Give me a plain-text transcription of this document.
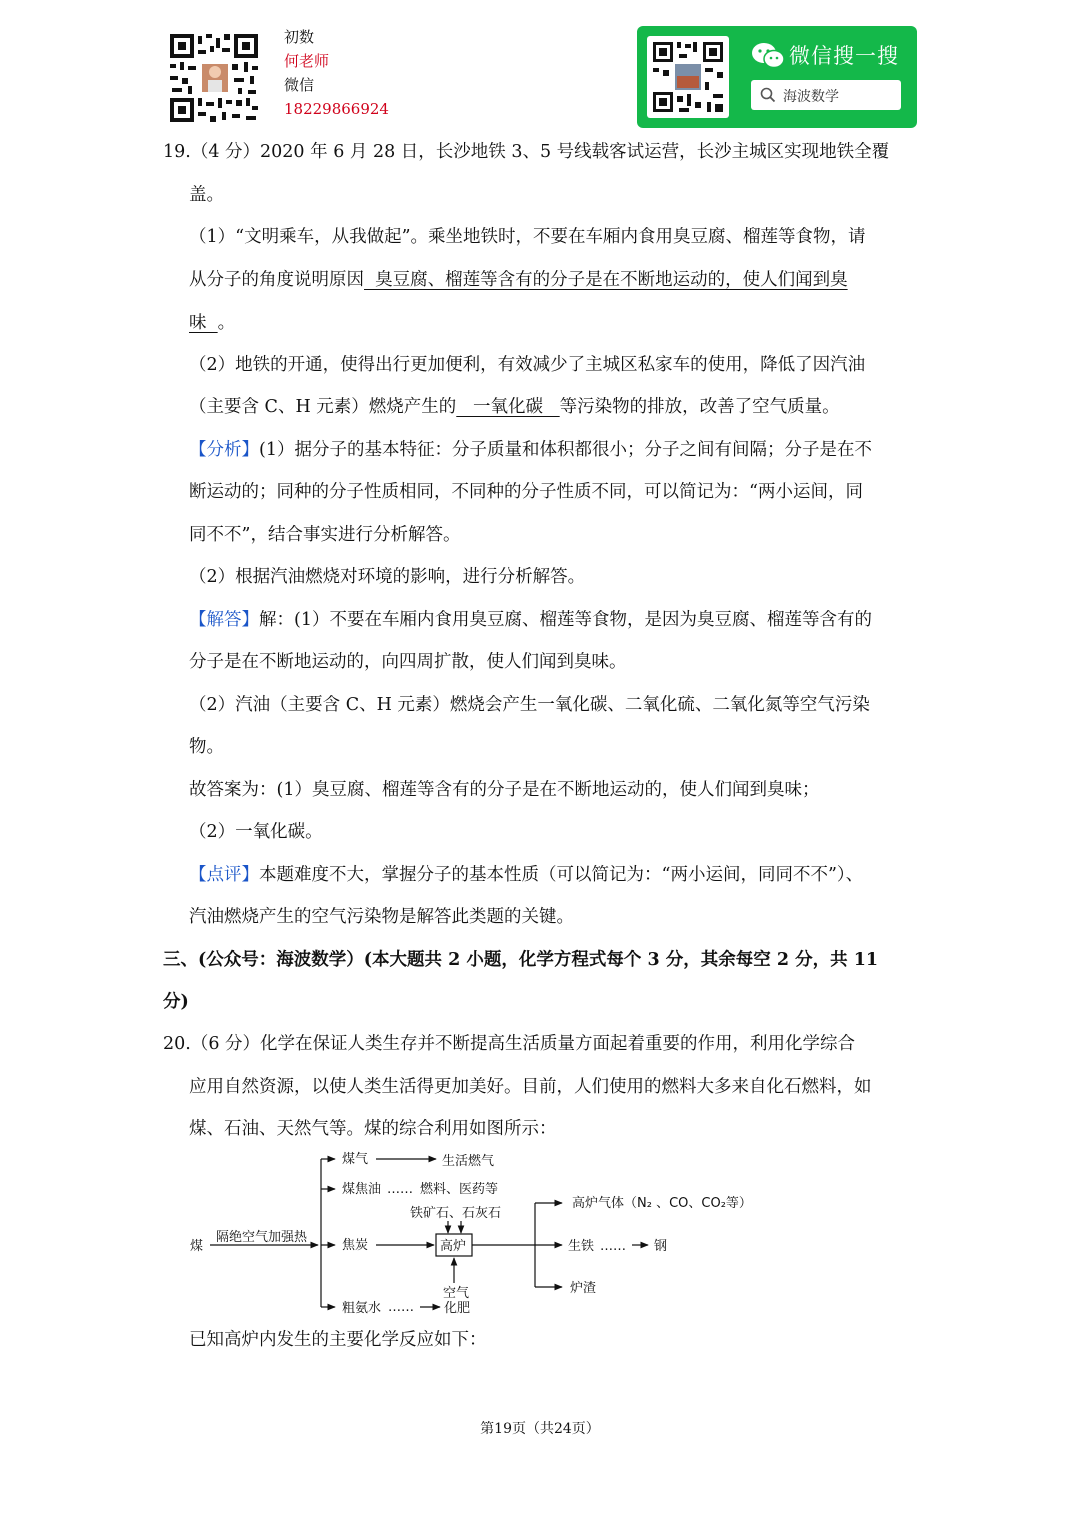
初数
何老师
微信
18229866924
微信搜一搜
海波数学
19.（4 分）2020 年 6 月 28 日，长沙地铁 3、5 号线载客试运营，长沙主城区实现地铁全覆
盖。
（1）“文明乘车，从我做起”。乘坐地铁时，不要在车厢内食用臭豆腐、榴莲等食物，请
从分子的角度说明原因  臭豆腐、榴莲等含有的分子是在不断地运动的，使人们闻到臭
味  。
（2）地铁的开通，使得出行更加便利，有效减少了主城区私家车的使用，降低了因汽油
（主要含 C、H 元素）燃烧产生的   一氧化碳   等污染物的排放，改善了空气质量。
【分析】(1）据分子的基本特征：分子质量和体积都很小；分子之间有间隔；分子是在不
断运动的；同种的分子性质相同，不同种的分子性质不同，可以简记为：“两小运间，同
同不不”，结合事实进行分析解答。
（2）根据汽油燃烧对环境的影响，进行分析解答。
【解答】解：(1）不要在车厢内食用臭豆腐、榴莲等食物，是因为臭豆腐、榴莲等含有的
分子是在不断地运动的，向四周扩散，使人们闻到臭味。
（2）汽油（主要含 C、H 元素）燃烧会产生一氧化碳、二氧化硫、二氧化氮等空气污染
物。
故答案为：(1）臭豆腐、榴莲等含有的分子是在不断地运动的，使人们闻到臭味；
（2）一氧化碳。
【点评】本题难度不大，掌握分子的基本性质（可以简记为：“两小运间，同同不不”）、
汽油燃烧产生的空气污染物是解答此类题的关键。
三、(公众号：海波数学）(本大题共 2 小题，化学方程式每个 3 分，其余每空 2 分，共 11
分)
20.（6 分）化学在保证人类生存并不断提高生活质量方面起着重要的作用，利用化学综合
应用自然资源，以使人类生活得更加美好。目前，人们使用的燃料大多来自化石燃料，如
煤、石油、天然气等。煤的综合利用如图所示：
煤
隔绝空气加强热
煤气	生活燃气
煤焦油 …… 燃料、医药等
铁矿石、石灰石
焦炭	高炉
高炉气体（N₂ 、CO、CO₂等）
生铁 …… 钢
炉渣
空气
粗氨水 …… 化肥
已知高炉内发生的主要化学反应如下：
第19页（共24页）
